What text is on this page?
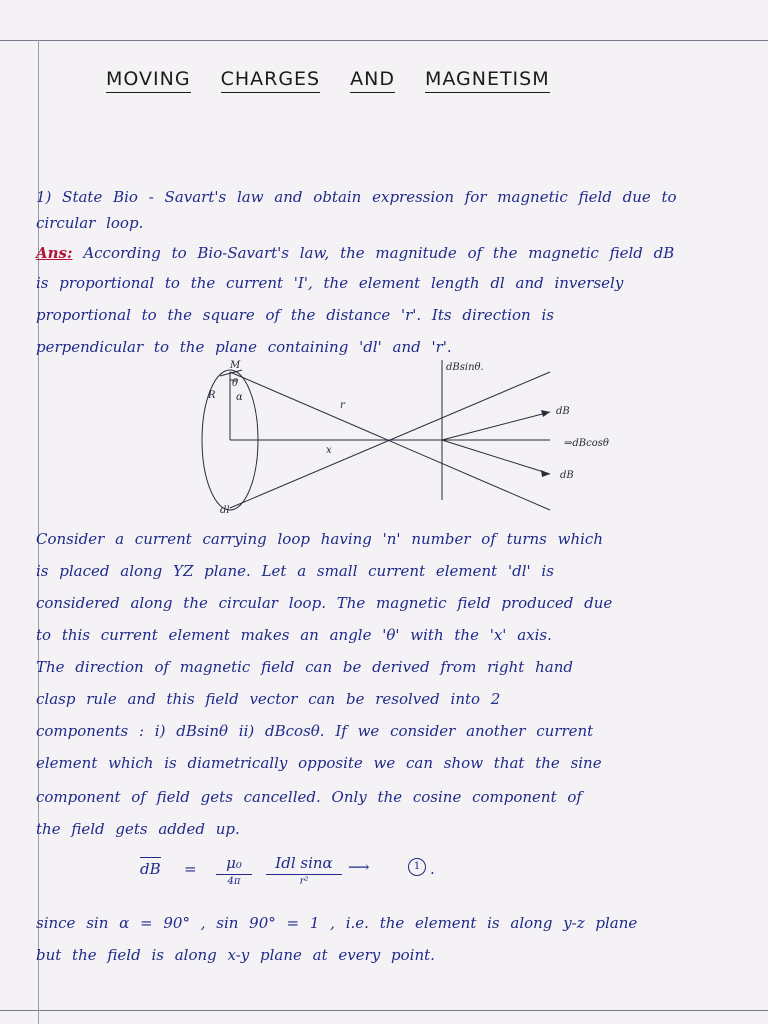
MOVING CHARGES AND MAGNETISM
1) State Bio - Savart's law and obtain expression for magnetic field due to
circular loop.
Ans: According to Bio-Savart's law, the magnitude of the magnetic field dB
is proportional to the current 'I', the element length dl and inversely
proportional to the square of the distance 'r'. Its direction is
perpendicular to the plane containing 'dl' and 'r'.
M
R
θ
α
r
x
dl
dBsinθ.
dB
⇒dBcosθ
dB
Consider a current carrying loop having 'n' number of turns which
is placed along YZ plane. Let a small current element 'dl' is
considered along the circular loop. The magnetic field produced due
to this current element makes an angle 'θ' with the 'x' axis.
The direction of magnetic field can be derived from right hand
clasp rule and this field vector can be resolved into 2
components : i) dBsinθ ii) dBcosθ. If we consider another current
element which is diametrically opposite we can show that the sine
component of field gets cancelled. Only the cosine component of
the field gets added up.
dB =	μ₀
4π
Idl sinα
r²
⟶	1 .
since sin α = 90° , sin 90° = 1 , i.e. the element is along y-z plane
but the field is along x-y plane at every point.
